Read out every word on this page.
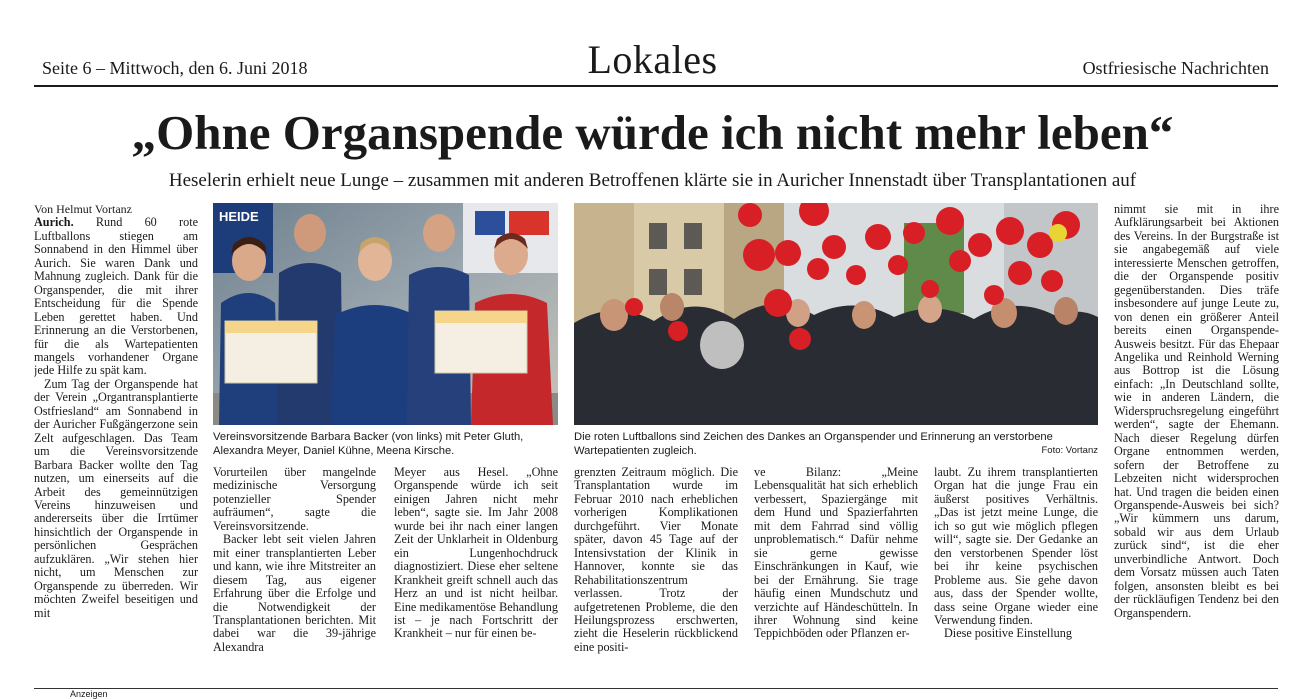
Seite 6 – Mittwoch, den 6. Juni 2018	Lokales	Ostfriesische Nachrichten
„Ohne Organspende würde ich nicht mehr leben“
Heselerin erhielt neue Lunge – zusammen mit anderen Betroffenen klärte sie in Auricher Innenstadt über Transplantationen auf

Von Helmut Vortanz

Aurich. Rund 60 rote Luftballons stiegen am Sonnabend in den Himmel über Aurich. Sie waren Dank und Mahnung zugleich. Dank für die Organspender, die mit ihrer Entscheidung für die Spende Leben gerettet haben. Und Erinnerung an die Verstorbenen, für die als Wartepatienten mangels vorhandener Organe jede Hilfe zu spät kam.

Zum Tag der Organspende hat der Verein „Organtransplantierte Ostfriesland“ am Sonnabend in der Auricher Fußgängerzone sein Zelt aufgeschlagen. Das Team um die Vereinsvorsitzende Barbara Backer wollte den Tag nutzen, um einerseits auf die Arbeit des gemeinnützigen Vereins hinzuweisen und andererseits über die Irrtümer hinsichtlich der Organspende in persönlichen Gesprächen aufzuklären. „Wir stehen hier nicht, um Menschen zur Organspende zu überreden. Wir möchten Zweifel beseitigen und mit

HEIDE
Vereinsvorsitzende Barbara Backer (von links) mit Peter Gluth, Alexandra Meyer, Daniel Kühne, Meena Kirsche.
Die roten Luftballons sind Zeichen des Dankes an Organspender und Erinnerung an verstorbene Wartepatienten zugleich.	Foto: Vortanz

Vorurteilen über mangelnde medizinische Versorgung potenzieller Spender aufräumen“, sagte die Vereinsvorsitzende.

Backer lebt seit vielen Jahren mit einer transplantierten Leber und kann, wie ihre Mitstreiter an diesem Tag, aus eigener Erfahrung über die Erfolge und die Notwendigkeit der Transplantationen berichten. Mit dabei war die 39-jährige Alexandra

Meyer aus Hesel. „Ohne Organspende würde ich seit einigen Jahren nicht mehr leben“, sagte sie. Im Jahr 2008 wurde bei ihr nach einer langen Zeit der Unklarheit in Oldenburg ein Lungenhochdruck diagnostiziert. Diese eher seltene Krankheit greift schnell auch das Herz an und ist nicht heilbar. Eine medikamentöse Behandlung ist – je nach Fortschritt der Krankheit – nur für einen be-

grenzten Zeitraum möglich. Die Transplantation wurde im Februar 2010 nach erheblichen vorherigen Komplikationen durchgeführt. Vier Monate später, davon 45 Tage auf der Intensivstation der Klinik in Hannover, konnte sie das Rehabilitationszentrum verlassen. Trotz der aufgetretenen Probleme, die den Heilungsprozess erschwerten, zieht die Heselerin rückblickend eine positi-

ve Bilanz: „Meine Lebensqualität hat sich erheblich verbessert, Spaziergänge mit dem Hund und Spazierfahrten mit dem Fahrrad sind völlig unproblematisch.“ Dafür nehme sie gerne gewisse Einschränkungen in Kauf, wie bei der Ernährung. Sie trage häufig einen Mundschutz und verzichte auf Händeschütteln. In ihrer Wohnung sind keine Teppichböden oder Pflanzen er-

laubt. Zu ihrem transplantierten Organ hat die junge Frau ein äußerst positives Verhältnis. „Das ist jetzt meine Lunge, die ich so gut wie möglich pflegen will“, sagte sie. Der Gedanke an den verstorbenen Spender löst bei ihr keine psychischen Probleme aus. Sie gehe davon aus, dass der Spender wollte, dass seine Organe wieder eine Verwendung finden.

Diese positive Einstellung

nimmt sie mit in ihre Aufklärungsarbeit bei Aktionen des Vereins. In der Burgstraße ist sie angabegemäß auf viele interessierte Menschen getroffen, die der Organspende positiv gegenüberstanden. Dies träfe insbesondere auf junge Leute zu, von denen ein größerer Anteil bereits einen Organspende-Ausweis besitzt. Für das Ehepaar Angelika und Reinhold Werning aus Bottrop ist die Lösung einfach: „In Deutschland sollte, wie in anderen Ländern, die Widerspruchsregelung eingeführt werden“, sagte der Ehemann. Nach dieser Regelung dürfen Organe entnommen werden, sofern der Betroffene zu Lebzeiten nicht widersprochen hat. Und tragen die beiden einen Organspende-Ausweis bei sich? „Wir kümmern uns darum, sobald wir aus dem Urlaub zurück sind“, ist die eher unverbindliche Antwort. Doch dem Vorsatz müssen auch Taten folgen, ansonsten bleibt es bei der rückläufigen Tendenz bei den Organspendern.

Anzeigen
